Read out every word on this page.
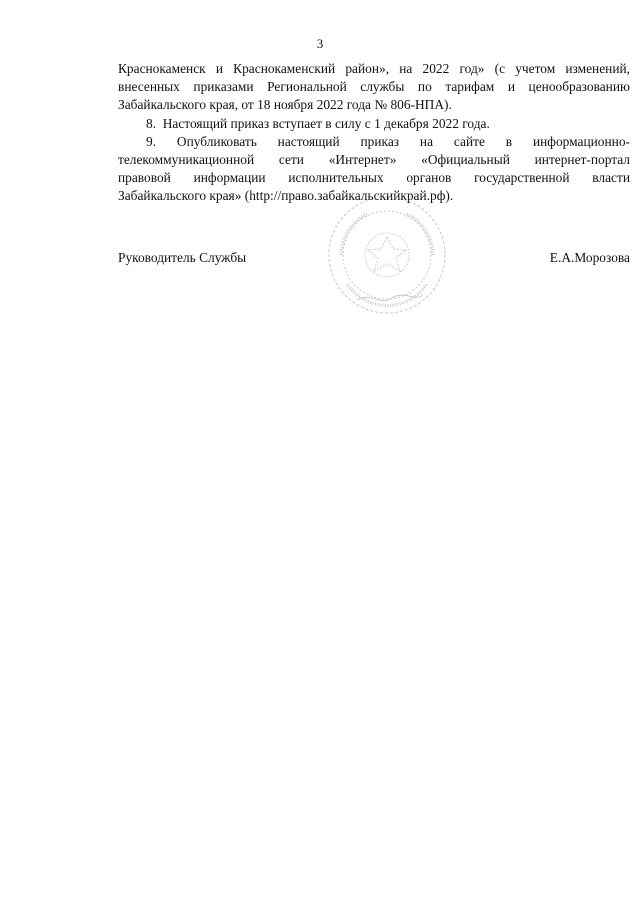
3

Краснокаменск и Краснокаменский район», на 2022 год» (с учетом изменений,
внесенных приказами Региональной службы по тарифам и ценообразованию
Забайкальского края, от 18 ноября 2022 года № 806-НПА).

8.  Настоящий приказ вступает в силу с 1 декабря 2022 года.

9. Опубликовать настоящий приказ на сайте в информационно-
телекоммуникационной сети «Интернет» «Официальный интернет-портал
правовой информации исполнительных органов государственной власти
Забайкальского края» (http://право.забайкальскийкрай.рф).

Руководитель Службы	Е.А.Морозова
